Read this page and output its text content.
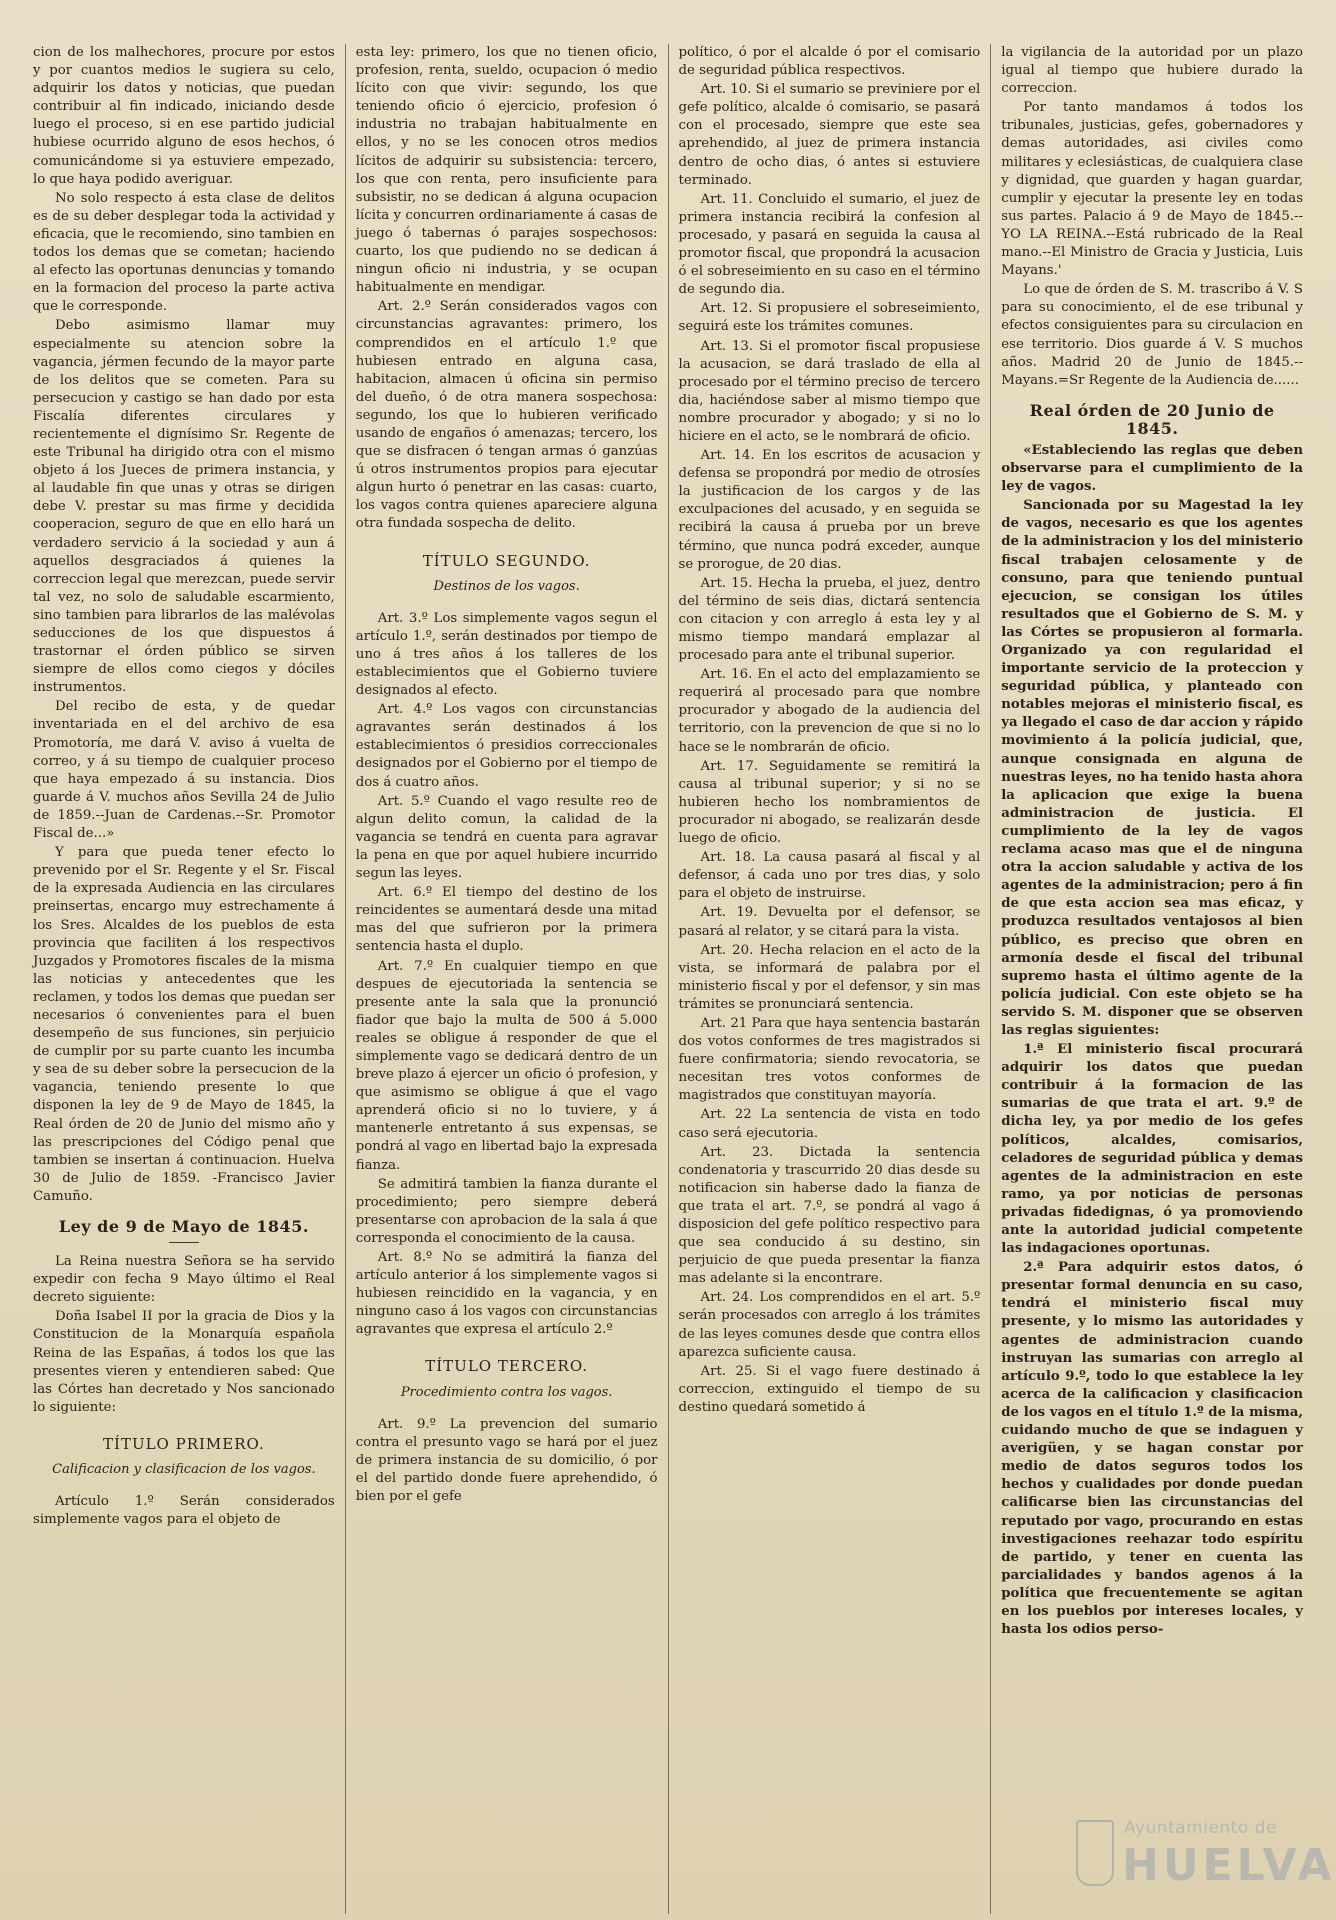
cion de los malhechores, procure por estos y por cuantos medios le sugiera su celo, adquirir los datos y noticias, que puedan contribuir al fin indicado, iniciando desde luego el proceso, si en ese partido judicial hubiese ocurrido alguno de esos hechos, ó comunicándome si ya estuviere empezado, lo que haya podido averiguar.

No solo respecto á esta clase de delitos es de su deber desplegar toda la actividad y eficacia, que le recomiendo, sino tambien en todos los demas que se cometan; haciendo al efecto las oportunas denuncias y tomando en la formacion del proceso la parte activa que le corresponde.

Debo asimismo llamar muy especialmente su atencion sobre la vagancia, jérmen fecundo de la mayor parte de los delitos que se cometen. Para su persecucion y castigo se han dado por esta Fiscalía diferentes circulares y recientemente el dignísimo Sr. Regente de este Tribunal ha dirigido otra con el mismo objeto á los Jueces de primera instancia, y al laudable fin que unas y otras se dirigen debe V. prestar su mas firme y decidida cooperacion, seguro de que en ello hará un verdadero servicio á la sociedad y aun á aquellos desgraciados á quienes la correccion legal que merezcan, puede servir tal vez, no solo de saludable escarmiento, sino tambien para librarlos de las malévolas seducciones de los que dispuestos á trastornar el órden público se sirven siempre de ellos como ciegos y dóciles instrumentos.

Del recibo de esta, y de quedar inventariada en el del archivo de esa Promotoría, me dará V. aviso á vuelta de correo, y á su tiempo de cualquier proceso que haya empezado á su instancia. Dios guarde á V. muchos años Sevilla 24 de Julio de 1859.--Juan de Cardenas.--Sr. Promotor Fiscal de...»

Y para que pueda tener efecto lo prevenido por el Sr. Regente y el Sr. Fiscal de la expresada Audiencia en las circulares preinsertas, encargo muy estrechamente á los Sres. Alcaldes de los pueblos de esta provincia que faciliten á los respectivos Juzgados y Promotores fiscales de la misma las noticias y antecedentes que les reclamen, y todos los demas que puedan ser necesarios ó convenientes para el buen desempeño de sus funciones, sin perjuicio de cumplir por su parte cuanto les incumba y sea de su deber sobre la persecucion de la vagancia, teniendo presente lo que disponen la ley de 9 de Mayo de 1845, la Real órden de 20 de Junio del mismo año y las prescripciones del Código penal que tambien se insertan á continuacion. Huelva 30 de Julio de 1859. -Francisco Javier Camuño.

Ley de 9 de Mayo de 1845.

La Reina nuestra Señora se ha servido expedir con fecha 9 Mayo último el Real decreto siguiente:

Doña Isabel II por la gracia de Dios y la Constitucion de la Monarquía española Reina de las Españas, á todos los que las presentes vieren y entendieren sabed: Que las Córtes han decretado y Nos sancionado lo siguiente:

TÍTULO PRIMERO.
Calificacion y clasificacion de los vagos.

Artículo 1.º Serán considerados simplemente vagos para el objeto de

esta ley: primero, los que no tienen oficio, profesion, renta, sueldo, ocupacion ó medio lícito con que vivir: segundo, los que teniendo oficio ó ejercicio, profesion ó industria no trabajan habitualmente en ellos, y no se les conocen otros medios lícitos de adquirir su subsistencia: tercero, los que con renta, pero insuficiente para subsistir, no se dedican á alguna ocupacion lícita y concurren ordinariamente á casas de juego ó tabernas ó parajes sospechosos: cuarto, los que pudiendo no se dedican á ningun oficio ni industria, y se ocupan habitualmente en mendigar.

Art. 2.º Serán considerados vagos con circunstancias agravantes: primero, los comprendidos en el artículo 1.º que hubiesen entrado en alguna casa, habitacion, almacen ú oficina sin permiso del dueño, ó de otra manera sospechosa: segundo, los que lo hubieren verificado usando de engaños ó amenazas; tercero, los que se disfracen ó tengan armas ó ganzúas ú otros instrumentos propios para ejecutar algun hurto ó penetrar en las casas: cuarto, los vagos contra quienes apareciere alguna otra fundada sospecha de delito.

TÍTULO SEGUNDO.
Destinos de los vagos.

Art. 3.º Los simplemente vagos segun el artículo 1.º, serán destinados por tiempo de uno á tres años á los talleres de los establecimientos que el Gobierno tuviere designados al efecto.

Art. 4.º Los vagos con circunstancias agravantes serán destinados á los establecimientos ó presidios correccionales designados por el Gobierno por el tiempo de dos á cuatro años.

Art. 5.º Cuando el vago resulte reo de algun delito comun, la calidad de la vagancia se tendrá en cuenta para agravar la pena en que por aquel hubiere incurrido segun las leyes.

Art. 6.º El tiempo del destino de los reincidentes se aumentará desde una mitad mas del que sufrieron por la primera sentencia hasta el duplo.

Art. 7.º En cualquier tiempo en que despues de ejecutoriada la sentencia se presente ante la sala que la pronunció fiador que bajo la multa de 500 á 5.000 reales se obligue á responder de que el simplemente vago se dedicará dentro de un breve plazo á ejercer un oficio ó profesion, y que asimismo se obligue á que el vago aprenderá oficio si no lo tuviere, y á mantenerle entretanto á sus expensas, se pondrá al vago en libertad bajo la expresada fianza.

Se admitirá tambien la fianza durante el procedimiento; pero siempre deberá presentarse con aprobacion de la sala á que corresponda el conocimiento de la causa.

Art. 8.º No se admitirá la fianza del artículo anterior á los simplemente vagos si hubiesen reincidido en la vagancia, y en ninguno caso á los vagos con circunstancias agravantes que expresa el artículo 2.º

TÍTULO TERCERO.
Procedimiento contra los vagos.

Art. 9.º La prevencion del sumario contra el presunto vago se hará por el juez de primera instancia de su domicilio, ó por el del partido donde fuere aprehendido, ó bien por el gefe

político, ó por el alcalde ó por el comisario de seguridad pública respectivos.

Art. 10. Si el sumario se previniere por el gefe político, alcalde ó comisario, se pasará con el procesado, siempre que este sea aprehendido, al juez de primera instancia dentro de ocho dias, ó antes si estuviere terminado.

Art. 11. Concluido el sumario, el juez de primera instancia recibirá la confesion al procesado, y pasará en seguida la causa al promotor fiscal, que propondrá la acusacion ó el sobreseimiento en su caso en el término de segundo dia.

Art. 12. Si propusiere el sobreseimiento, seguirá este los trámites comunes.

Art. 13. Si el promotor fiscal propusiese la acusacion, se dará traslado de ella al procesado por el término preciso de tercero dia, haciéndose saber al mismo tiempo que nombre procurador y abogado; y si no lo hiciere en el acto, se le nombrará de oficio.

Art. 14. En los escritos de acusacion y defensa se propondrá por medio de otrosíes la justificacion de los cargos y de las exculpaciones del acusado, y en seguida se recibirá la causa á prueba por un breve término, que nunca podrá exceder, aunque se prorogue, de 20 dias.

Art. 15. Hecha la prueba, el juez, dentro del término de seis dias, dictará sentencia con citacion y con arreglo á esta ley y al mismo tiempo mandará emplazar al procesado para ante el tribunal superior.

Art. 16. En el acto del emplazamiento se requerirá al procesado para que nombre procurador y abogado de la audiencia del territorio, con la prevencion de que si no lo hace se le nombrarán de oficio.

Art. 17. Seguidamente se remitirá la causa al tribunal superior; y si no se hubieren hecho los nombramientos de procurador ni abogado, se realizarán desde luego de oficio.

Art. 18. La causa pasará al fiscal y al defensor, á cada uno por tres dias, y solo para el objeto de instruirse.

Art. 19. Devuelta por el defensor, se pasará al relator, y se citará para la vista.

Art. 20. Hecha relacion en el acto de la vista, se informará de palabra por el ministerio fiscal y por el defensor, y sin mas trámites se pronunciará sentencia.

Art. 21 Para que haya sentencia bastarán dos votos conformes de tres magistrados si fuere confirmatoria; siendo revocatoria, se necesitan tres votos conformes de magistrados que constituyan mayoría.

Art. 22 La sentencia de vista en todo caso será ejecutoria.

Art. 23. Dictada la sentencia condenatoria y trascurrido 20 dias desde su notificacion sin haberse dado la fianza de que trata el art. 7.º, se pondrá al vago á disposicion del gefe político respectivo para que sea conducido á su destino, sin perjuicio de que pueda presentar la fianza mas adelante si la encontrare.

Art. 24. Los comprendidos en el art. 5.º serán procesados con arreglo á los trámites de las leyes comunes desde que contra ellos aparezca suficiente causa.

Art. 25. Si el vago fuere destinado á correccion, extinguido el tiempo de su destino quedará sometido á

la vigilancia de la autoridad por un plazo igual al tiempo que hubiere durado la correccion.

Por tanto mandamos á todos los tribunales, justicias, gefes, gobernadores y demas autoridades, asi civiles como militares y eclesiásticas, de cualquiera clase y dignidad, que guarden y hagan guardar, cumplir y ejecutar la presente ley en todas sus partes. Palacio á 9 de Mayo de 1845.--YO LA REINA.--Está rubricado de la Real mano.--El Ministro de Gracia y Justicia, Luis Mayans.'

Lo que de órden de S. M. trascribo á V. S para su conocimiento, el de ese tribunal y efectos consiguientes para su circulacion en ese territorio. Dios guarde á V. S muchos años. Madrid 20 de Junio de 1845.--Mayans.=Sr Regente de la Audiencia de......

Real órden de 20 Junio de 1845.

«Estableciendo las reglas que deben observarse para el cumplimiento de la ley de vagos.

Sancionada por su Magestad la ley de vagos, necesario es que los agentes de la administracion y los del ministerio fiscal trabajen celosamente y de consuno, para que teniendo puntual ejecucion, se consigan los útiles resultados que el Gobierno de S. M. y las Córtes se propusieron al formarla. Organizado ya con regularidad el importante servicio de la proteccion y seguridad pública, y planteado con notables mejoras el ministerio fiscal, es ya llegado el caso de dar accion y rápido movimiento á la policía judicial, que, aunque consignada en alguna de nuestras leyes, no ha tenido hasta ahora la aplicacion que exige la buena administracion de justicia. El cumplimiento de la ley de vagos reclama acaso mas que el de ninguna otra la accion saludable y activa de los agentes de la administracion; pero á fin de que esta accion sea mas eficaz, y produzca resultados ventajosos al bien público, es preciso que obren en armonía desde el fiscal del tribunal supremo hasta el último agente de la policía judicial. Con este objeto se ha servido S. M. disponer que se observen las reglas siguientes:

1.ª El ministerio fiscal procurará adquirir los datos que puedan contribuir á la formacion de las sumarias de que trata el art. 9.º de dicha ley, ya por medio de los gefes políticos, alcaldes, comisarios, celadores de seguridad pública y demas agentes de la administracion en este ramo, ya por noticias de personas privadas fidedignas, ó ya promoviendo ante la autoridad judicial competente las indagaciones oportunas.

2.ª Para adquirir estos datos, ó presentar formal denuncia en su caso, tendrá el ministerio fiscal muy presente, y lo mismo las autoridades y agentes de administracion cuando instruyan las sumarias con arreglo al artículo 9.º, todo lo que establece la ley acerca de la calificacion y clasificacion de los vagos en el título 1.º de la misma, cuidando mucho de que se indaguen y averigüen, y se hagan constar por medio de datos seguros todos los hechos y cualidades por donde puedan calificarse bien las circunstancias del reputado por vago, procurando en estas investigaciones reehazar todo espíritu de partido, y tener en cuenta las parcialidades y bandos agenos á la política que frecuentemente se agitan en los pueblos por intereses locales, y hasta los odios perso-

Ayuntamiento de
HUELVA
